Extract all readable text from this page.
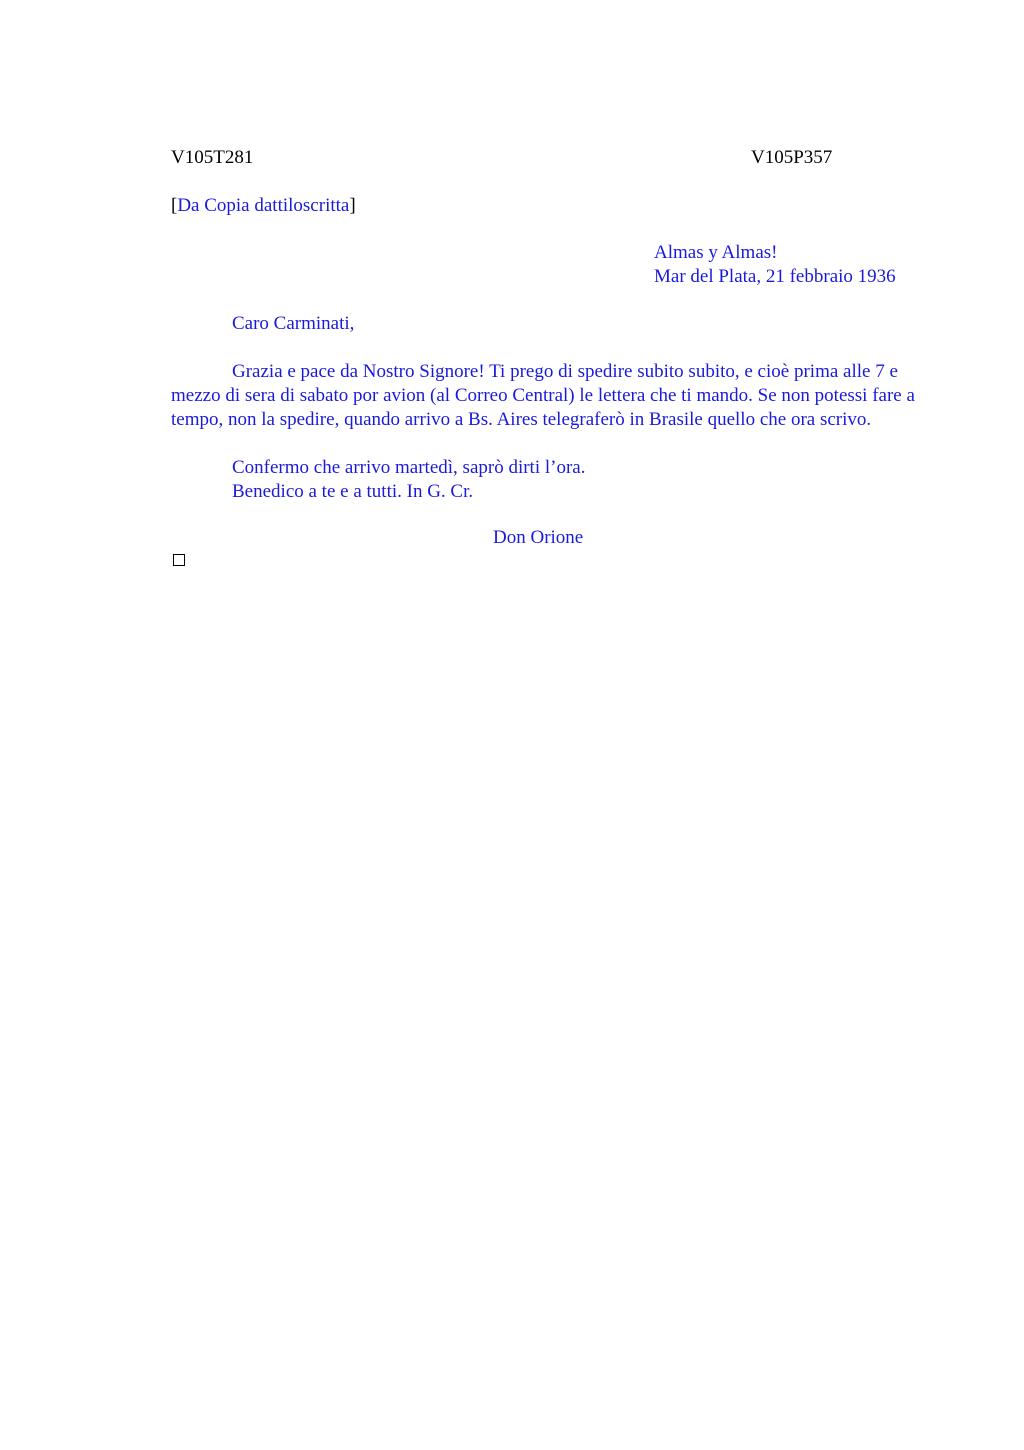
V105T281	V105P357
[Da Copia dattiloscritta]
Almas y Almas!
Mar del Plata, 21 febbraio 1936
Caro Carminati,

Grazia e pace da Nostro Signore! Ti prego di spedire subito subito, e cioè prima alle 7 e mezzo di sera di sabato por avion (al Correo Central) le lettera che ti mando. Se non potessi fare a tempo, non la spedire, quando arrivo a Bs. Aires telegraferò in Brasile quello che ora scrivo.

Confermo che arrivo martedì, saprò dirti l’ora.
Benedico a te e a tutti. In G. Cr.
Don Orione
